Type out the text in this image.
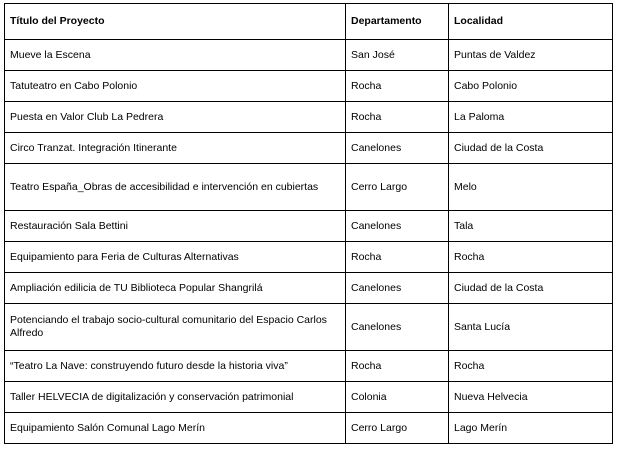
Título del Proyecto	Departamento	Localidad
Mueve la Escena	San José	Puntas de Valdez
Tatuteatro en Cabo Polonio	Rocha	Cabo Polonio
Puesta en Valor Club La Pedrera	Rocha	La Paloma
Circo Tranzat. Integración Itinerante	Canelones	Ciudad de la Costa
Teatro España_Obras de accesibilidad e intervención en cubiertas	Cerro Largo	Melo
Restauración Sala Bettini	Canelones	Tala
Equipamiento para Feria de Culturas Alternativas	Rocha	Rocha
Ampliación edilicia de TU Biblioteca Popular Shangrilá	Canelones	Ciudad de la Costa
Potenciando el trabajo socio-cultural comunitario del Espacio Carlos Alfredo	Canelones	Santa Lucía
“Teatro La Nave: construyendo futuro desde la historia viva”	Rocha	Rocha
Taller HELVECIA de digitalización y conservación patrimonial	Colonia	Nueva Helvecia
Equipamiento Salón Comunal Lago Merín	Cerro Largo	Lago Merín
